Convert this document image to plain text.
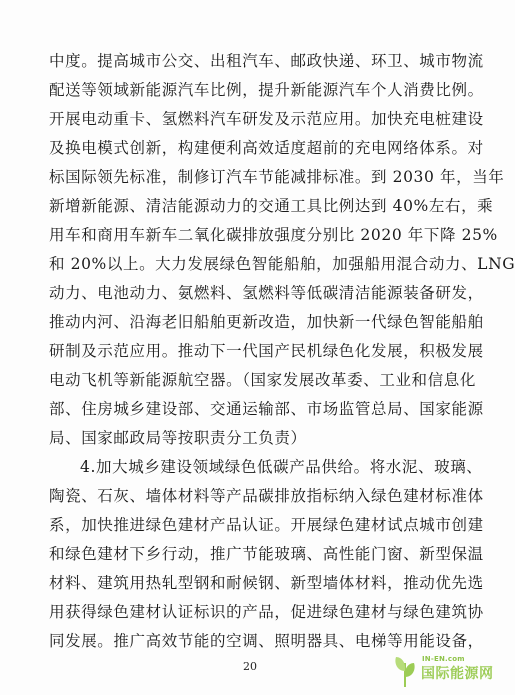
中度。提高城市公交、出租汽车、邮政快递、环卫、城市物流
配送等领域新能源汽车比例，提升新能源汽车个人消费比例。
开展电动重卡、氢燃料汽车研发及示范应用。加快充电桩建设
及换电模式创新，构建便利高效适度超前的充电网络体系。对
标国际领先标准，制修订汽车节能减排标准。到 2030 年，当年
新增新能源、清洁能源动力的交通工具比例达到 40%左右，乘
用车和商用车新车二氧化碳排放强度分别比 2020 年下降 25%
和 20%以上。大力发展绿色智能船舶，加强船用混合动力、LNG
动力、电池动力、氨燃料、氢燃料等低碳清洁能源装备研发，
推动内河、沿海老旧船舶更新改造，加快新一代绿色智能船舶
研制及示范应用。推动下一代国产民机绿色化发展，积极发展
电动飞机等新能源航空器。（国家发展改革委、工业和信息化
部、住房城乡建设部、交通运输部、市场监管总局、国家能源
局、国家邮政局等按职责分工负责）
4.加大城乡建设领域绿色低碳产品供给。将水泥、玻璃、
陶瓷、石灰、墙体材料等产品碳排放指标纳入绿色建材标准体
系，加快推进绿色建材产品认证。开展绿色建材试点城市创建
和绿色建材下乡行动，推广节能玻璃、高性能门窗、新型保温
材料、建筑用热轧型钢和耐候钢、新型墙体材料，推动优先选
用获得绿色建材认证标识的产品，促进绿色建材与绿色建筑协
20
IN-EN.com
国际能源网
同发展。推广高效节能的空调、照明器具、电梯等用能设备，
